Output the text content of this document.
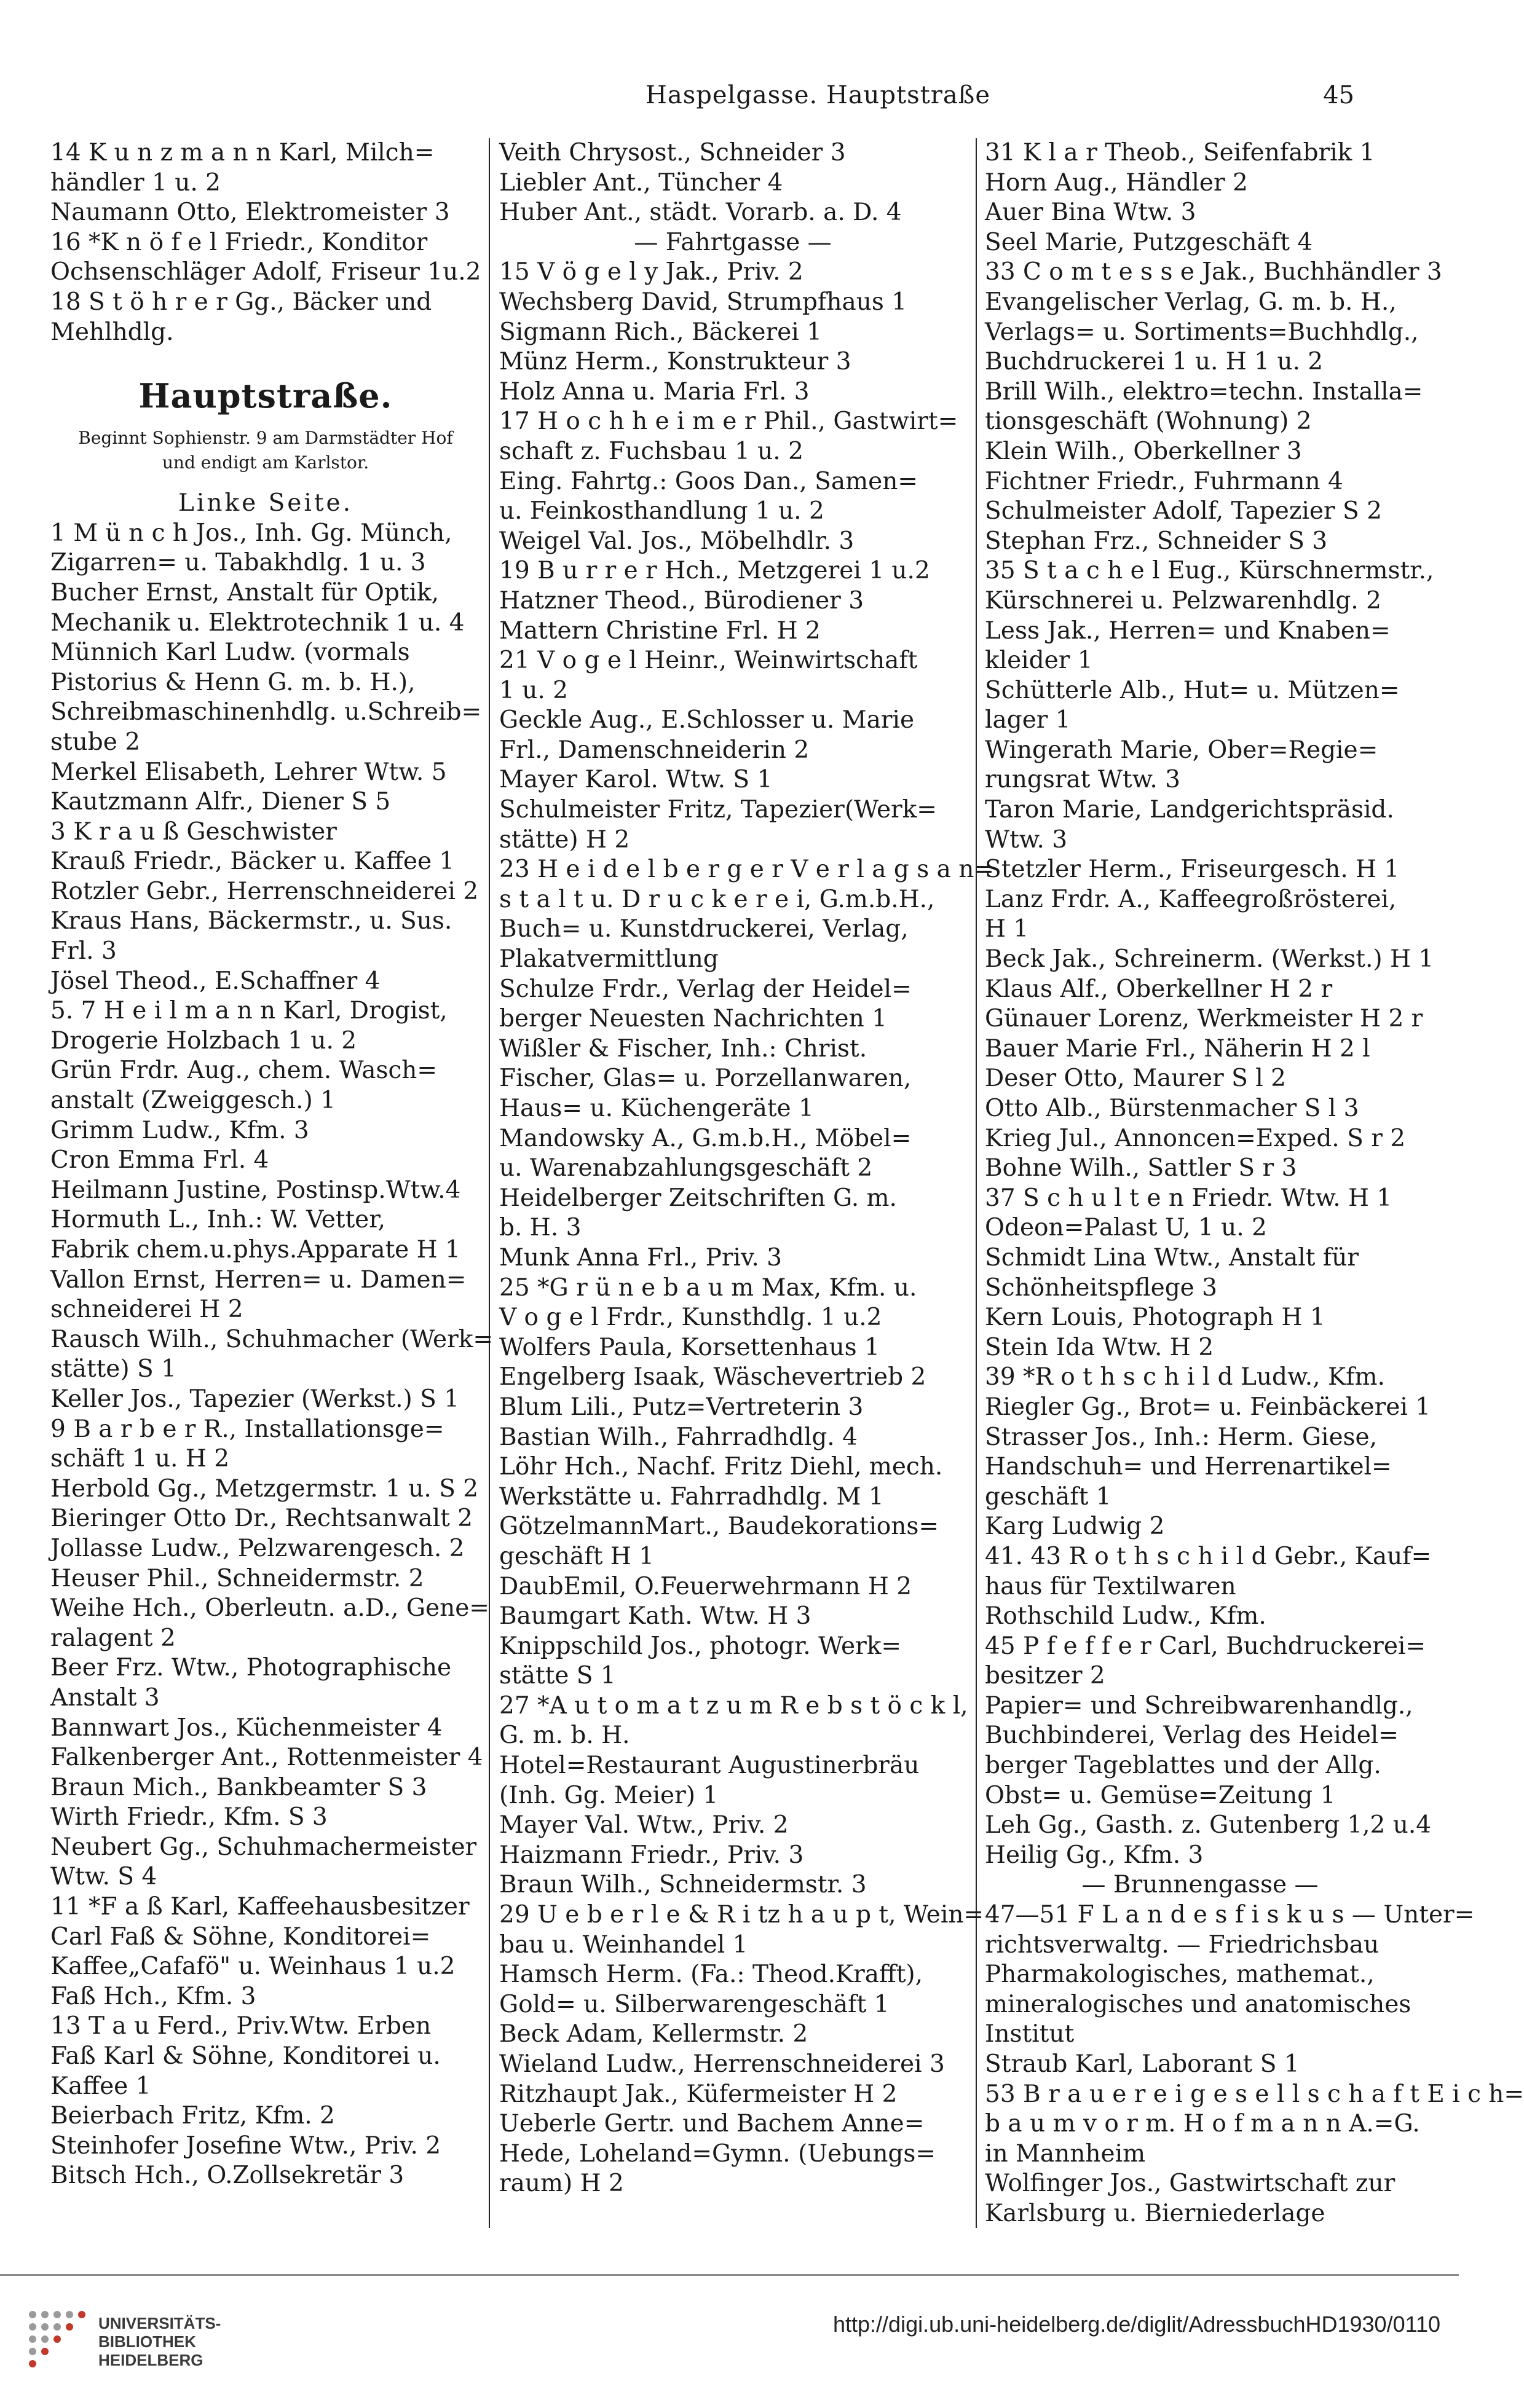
Haspelgasse. Hauptstraße	45
14 K u n z m a n n Karl, Milch=
händler 1 u. 2
Naumann Otto, Elektromeister 3
16 *K n ö f e l Friedr., Konditor
Ochsenschläger Adolf, Friseur 1u.2
18 S t ö h r e r Gg., Bäcker und
Mehlhdlg.
Hauptstraße.
Beginnt Sophienstr. 9 am Darmstädter Hof
und endigt am Karlstor.
Linke Seite.
1 M ü n c h Jos., Inh. Gg. Münch,
Zigarren= u. Tabakhdlg. 1 u. 3
Bucher Ernst, Anstalt für Optik,
Mechanik u. Elektrotechnik 1 u. 4
Münnich Karl Ludw. (vormals
Pistorius & Henn G. m. b. H.),
Schreibmaschinenhdlg. u.Schreib=
stube 2
Merkel Elisabeth, Lehrer Wtw. 5
Kautzmann Alfr., Diener S 5
3 K r a u ß Geschwister
Krauß Friedr., Bäcker u. Kaffee 1
Rotzler Gebr., Herrenschneiderei 2
Kraus Hans, Bäckermstr., u. Sus.
Frl. 3
Jösel Theod., E.Schaffner 4
5. 7 H e i l m a n n Karl, Drogist,
Drogerie Holzbach 1 u. 2
Grün Frdr. Aug., chem. Wasch=
anstalt (Zweiggesch.) 1
Grimm Ludw., Kfm. 3
Cron Emma Frl. 4
Heilmann Justine, Postinsp.Wtw.4
Hormuth L., Inh.: W. Vetter,
Fabrik chem.u.phys.Apparate H 1
Vallon Ernst, Herren= u. Damen=
schneiderei H 2
Rausch Wilh., Schuhmacher (Werk=
stätte) S 1
Keller Jos., Tapezier (Werkst.) S 1
9 B a r b e r R., Installationsge=
schäft 1 u. H 2
Herbold Gg., Metzgermstr. 1 u. S 2
Bieringer Otto Dr., Rechtsanwalt 2
Jollasse Ludw., Pelzwarengesch. 2
Heuser Phil., Schneidermstr. 2
Weihe Hch., Oberleutn. a.D., Gene=
ralagent 2
Beer Frz. Wtw., Photographische
Anstalt 3
Bannwart Jos., Küchenmeister 4
Falkenberger Ant., Rottenmeister 4
Braun Mich., Bankbeamter S 3
Wirth Friedr., Kfm. S 3
Neubert Gg., Schuhmachermeister
Wtw. S 4
11 *F a ß Karl, Kaffeehausbesitzer
Carl Faß & Söhne, Konditorei=
Kaffee„Cafafö" u. Weinhaus 1 u.2
Faß Hch., Kfm. 3
13 T a u Ferd., Priv.Wtw. Erben
Faß Karl & Söhne, Konditorei u.
Kaffee 1
Beierbach Fritz, Kfm. 2
Steinhofer Josefine Wtw., Priv. 2
Bitsch Hch., O.Zollsekretär 3
Veith Chrysost., Schneider 3
Liebler Ant., Tüncher 4
Huber Ant., städt. Vorarb. a. D. 4
— Fahrtgasse —
15 V ö g e l y Jak., Priv. 2
Wechsberg David, Strumpfhaus 1
Sigmann Rich., Bäckerei 1
Münz Herm., Konstrukteur 3
Holz Anna u. Maria Frl. 3
17 H o c h h e i m e r Phil., Gastwirt=
schaft z. Fuchsbau 1 u. 2
Eing. Fahrtg.: Goos Dan., Samen=
u. Feinkosthandlung 1 u. 2
Weigel Val. Jos., Möbelhdlr. 3
19 B u r r e r Hch., Metzgerei 1 u.2
Hatzner Theod., Bürodiener 3
Mattern Christine Frl. H 2
21 V o g e l Heinr., Weinwirtschaft
1 u. 2
Geckle Aug., E.Schlosser u. Marie
Frl., Damenschneiderin 2
Mayer Karol. Wtw. S 1
Schulmeister Fritz, Tapezier(Werk=
stätte) H 2
23 H e i d e l b e r g e r V e r l a g s a n=
s t a l t u. D r u c k e r e i, G.m.b.H.,
Buch= u. Kunstdruckerei, Verlag,
Plakatvermittlung
Schulze Frdr., Verlag der Heidel=
berger Neuesten Nachrichten 1
Wißler & Fischer, Inh.: Christ.
Fischer, Glas= u. Porzellanwaren,
Haus= u. Küchengeräte 1
Mandowsky A., G.m.b.H., Möbel=
u. Warenabzahlungsgeschäft 2
Heidelberger Zeitschriften G. m.
b. H. 3
Munk Anna Frl., Priv. 3
25 *G r ü n e b a u m Max, Kfm. u.
V o g e l Frdr., Kunsthdlg. 1 u.2
Wolfers Paula, Korsettenhaus 1
Engelberg Isaak, Wäschevertrieb 2
Blum Lili., Putz=Vertreterin 3
Bastian Wilh., Fahrradhdlg. 4
Löhr Hch., Nachf. Fritz Diehl, mech.
Werkstätte u. Fahrradhdlg. M 1
GötzelmannMart., Baudekorations=
geschäft H 1
DaubEmil, O.Feuerwehrmann H 2
Baumgart Kath. Wtw. H 3
Knippschild Jos., photogr. Werk=
stätte S 1
27 *A u t o m a t z u m R e b s t ö c k l,
G. m. b. H.
Hotel=Restaurant Augustinerbräu
(Inh. Gg. Meier) 1
Mayer Val. Wtw., Priv. 2
Haizmann Friedr., Priv. 3
Braun Wilh., Schneidermstr. 3
29 U e b e r l e & R i tz h a u p t, Wein=
bau u. Weinhandel 1
Hamsch Herm. (Fa.: Theod.Krafft),
Gold= u. Silberwarengeschäft 1
Beck Adam, Kellermstr. 2
Wieland Ludw., Herrenschneiderei 3
Ritzhaupt Jak., Küfermeister H 2
Ueberle Gertr. und Bachem Anne=
Hede, Loheland=Gymn. (Uebungs=
raum) H 2
31 K l a r Theob., Seifenfabrik 1
Horn Aug., Händler 2
Auer Bina Wtw. 3
Seel Marie, Putzgeschäft 4
33 C o m t e s s e Jak., Buchhändler 3
Evangelischer Verlag, G. m. b. H.,
Verlags= u. Sortiments=Buchhdlg.,
Buchdruckerei 1 u. H 1 u. 2
Brill Wilh., elektro=techn. Installa=
tionsgeschäft (Wohnung) 2
Klein Wilh., Oberkellner 3
Fichtner Friedr., Fuhrmann 4
Schulmeister Adolf, Tapezier S 2
Stephan Frz., Schneider S 3
35 S t a c h e l Eug., Kürschnermstr.,
Kürschnerei u. Pelzwarenhdlg. 2
Less Jak., Herren= und Knaben=
kleider 1
Schütterle Alb., Hut= u. Mützen=
lager 1
Wingerath Marie, Ober=Regie=
rungsrat Wtw. 3
Taron Marie, Landgerichtspräsid.
Wtw. 3
Stetzler Herm., Friseurgesch. H 1
Lanz Frdr. A., Kaffeegroßrösterei,
H 1
Beck Jak., Schreinerm. (Werkst.) H 1
Klaus Alf., Oberkellner H 2 r
Günauer Lorenz, Werkmeister H 2 r
Bauer Marie Frl., Näherin H 2 l
Deser Otto, Maurer S l 2
Otto Alb., Bürstenmacher S l 3
Krieg Jul., Annoncen=Exped. S r 2
Bohne Wilh., Sattler S r 3
37 S c h u l t e n Friedr. Wtw. H 1
Odeon=Palast U, 1 u. 2
Schmidt Lina Wtw., Anstalt für
Schönheitspflege 3
Kern Louis, Photograph H 1
Stein Ida Wtw. H 2
39 *R o t h s c h i l d Ludw., Kfm.
Riegler Gg., Brot= u. Feinbäckerei 1
Strasser Jos., Inh.: Herm. Giese,
Handschuh= und Herrenartikel=
geschäft 1
Karg Ludwig 2
41. 43 R o t h s c h i l d Gebr., Kauf=
haus für Textilwaren
Rothschild Ludw., Kfm.
45 P f e f f e r Carl, Buchdruckerei=
besitzer 2
Papier= und Schreibwarenhandlg.,
Buchbinderei, Verlag des Heidel=
berger Tageblattes und der Allg.
Obst= u. Gemüse=Zeitung 1
Leh Gg., Gasth. z. Gutenberg 1,2 u.4
Heilig Gg., Kfm. 3
— Brunnengasse —
47—51 F L a n d e s f i s k u s — Unter=
richtsverwaltg. — Friedrichsbau
Pharmakologisches, mathemat.,
mineralogisches und anatomisches
Institut
Straub Karl, Laborant S 1
53 B r a u e r e i g e s e l l s c h a f t E i c h=
b a u m v o r m. H o f m a n n A.=G.
in Mannheim
Wolfinger Jos., Gastwirtschaft zur
Karlsburg u. Bierniederlage
UNIVERSITÄTS-
BIBLIOTHEK
HEIDELBERG
http://digi.ub.uni-heidelberg.de/diglit/AdressbuchHD1930/0110
